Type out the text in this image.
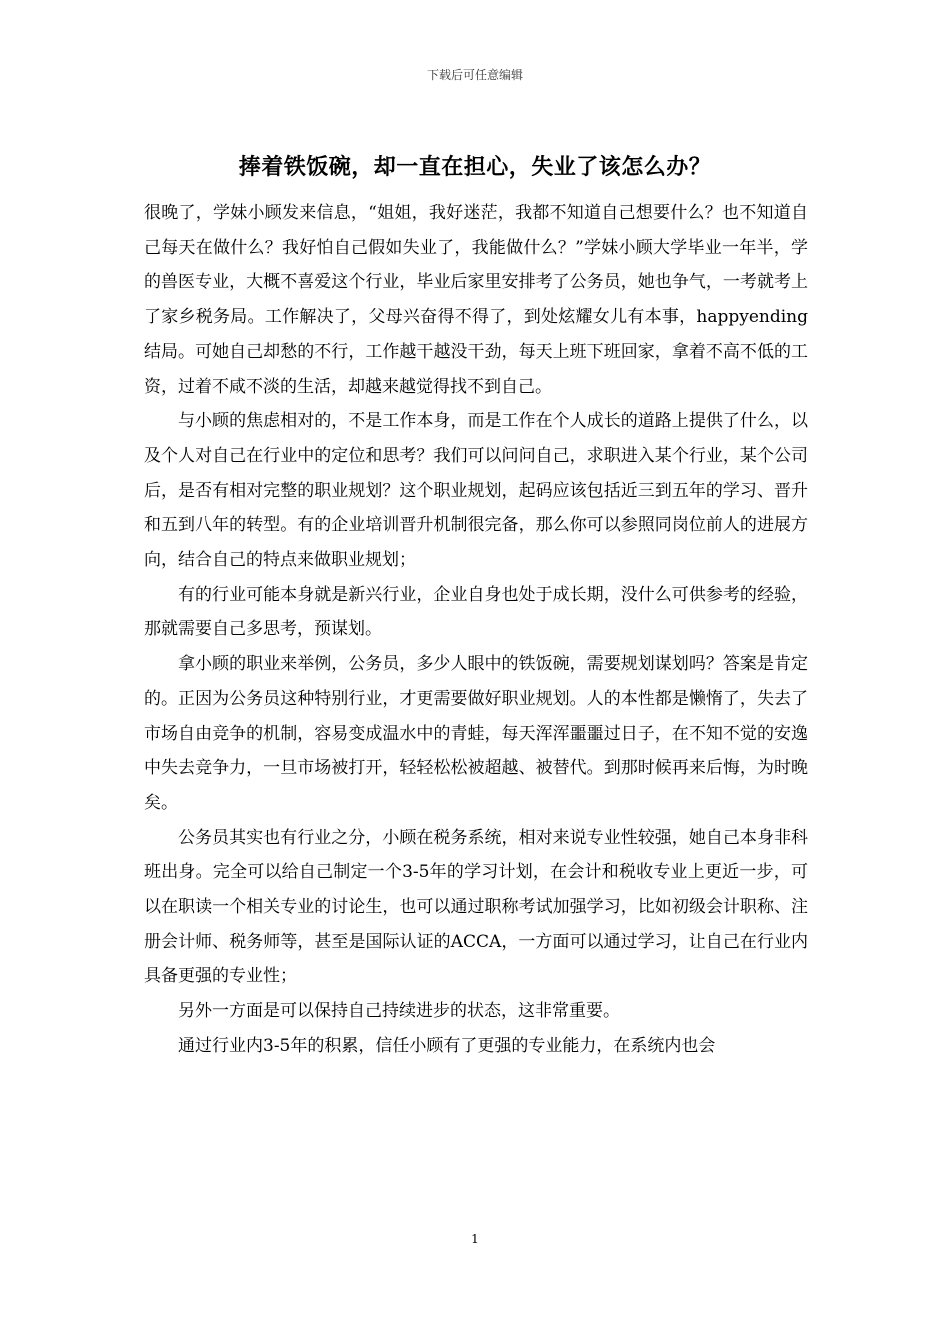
下载后可任意编辑
捧着铁饭碗，却一直在担心，失业了该怎么办？

很晚了，学妹小顾发来信息，“姐姐，我好迷茫，我都不知道自己想要什么？也不知道自己每天在做什么？我好怕自己假如失业了，我能做什么？”学妹小顾大学毕业一年半，学的兽医专业，大概不喜爱这个行业，毕业后家里安排考了公务员，她也争气，一考就考上了家乡税务局。工作解决了，父母兴奋得不得了，到处炫耀女儿有本事，happyending结局。可她自己却愁的不行，工作越干越没干劲，每天上班下班回家，拿着不高不低的工资，过着不咸不淡的生活，却越来越觉得找不到自己。

与小顾的焦虑相对的，不是工作本身，而是工作在个人成长的道路上提供了什么，以及个人对自己在行业中的定位和思考？我们可以问问自己，求职进入某个行业，某个公司后，是否有相对完整的职业规划？这个职业规划，起码应该包括近三到五年的学习、晋升和五到八年的转型。有的企业培训晋升机制很完备，那么你可以参照同岗位前人的进展方向，结合自己的特点来做职业规划；

有的行业可能本身就是新兴行业，企业自身也处于成长期，没什么可供参考的经验，那就需要自己多思考，预谋划。

拿小顾的职业来举例，公务员，多少人眼中的铁饭碗，需要规划谋划吗？答案是肯定的。正因为公务员这种特别行业，才更需要做好职业规划。人的本性都是懒惰了，失去了市场自由竞争的机制，容易变成温水中的青蛙，每天浑浑噩噩过日子，在不知不觉的安逸中失去竞争力，一旦市场被打开，轻轻松松被超越、被替代。到那时候再来后悔，为时晚矣。

公务员其实也有行业之分，小顾在税务系统，相对来说专业性较强，她自己本身非科班出身。完全可以给自己制定一个3-5年的学习计划，在会计和税收专业上更近一步，可以在职读一个相关专业的讨论生，也可以通过职称考试加强学习，比如初级会计职称、注册会计师、税务师等，甚至是国际认证的ACCA，一方面可以通过学习，让自己在行业内具备更强的专业性；

另外一方面是可以保持自己持续进步的状态，这非常重要。

通过行业内3-5年的积累，信任小顾有了更强的专业能力，在系统内也会

1
